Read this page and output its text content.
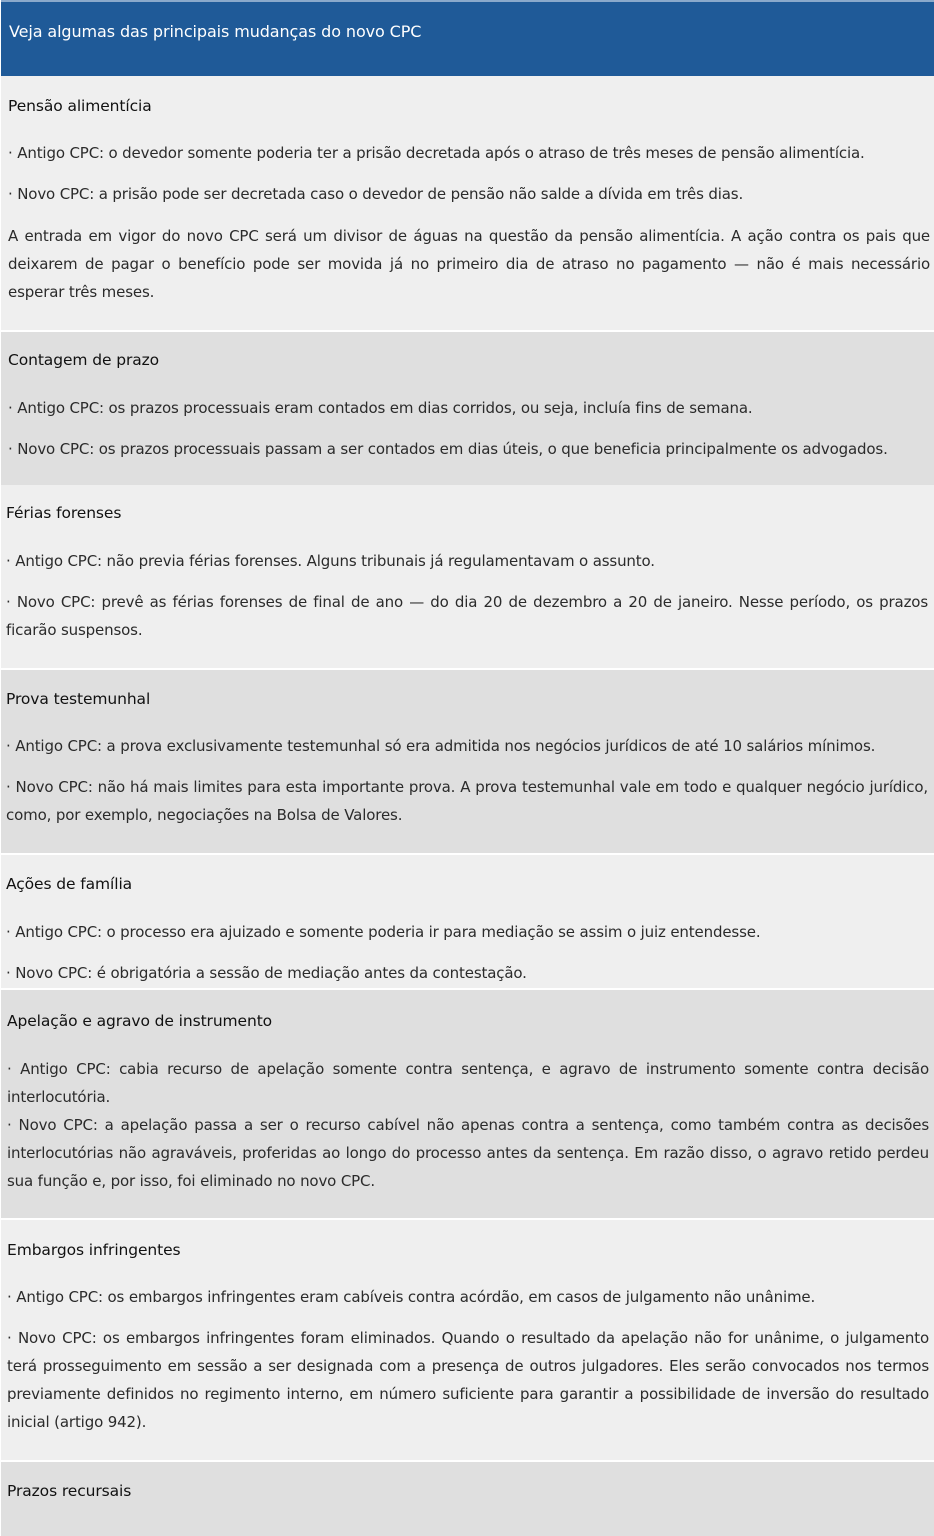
Veja algumas das principais mudanças do novo CPC
Pensão alimentícia
· Antigo CPC: o devedor somente poderia ter a prisão decretada após o atraso de três meses de pensão alimentícia.
· Novo CPC: a prisão pode ser decretada caso o devedor de pensão não salde a dívida em três dias.
A entrada em vigor do novo CPC será um divisor de águas na questão da pensão alimentícia. A ação contra os pais que deixarem de pagar o benefício pode ser movida já no primeiro dia de atraso no pagamento — não é mais necessário esperar três meses.
Contagem de prazo
· Antigo CPC: os prazos processuais eram contados em dias corridos, ou seja, incluía fins de semana.
· Novo CPC: os prazos processuais passam a ser contados em dias úteis, o que beneficia principalmente os advogados.
Férias forenses
· Antigo CPC: não previa férias forenses. Alguns tribunais já regulamentavam o assunto.
· Novo CPC: prevê as férias forenses de final de ano — do dia 20 de dezembro a 20 de janeiro. Nesse período, os prazos ficarão suspensos.
Prova testemunhal
· Antigo CPC: a prova exclusivamente testemunhal só era admitida nos negócios jurídicos de até 10 salários mínimos.
· Novo CPC: não há mais limites para esta importante prova. A prova testemunhal vale em todo e qualquer negócio jurídico, como, por exemplo, negociações na Bolsa de Valores.
Ações de família
· Antigo CPC: o processo era ajuizado e somente poderia ir para mediação se assim o juiz entendesse.
· Novo CPC: é obrigatória a sessão de mediação antes da contestação.
Apelação e agravo de instrumento
· Antigo CPC: cabia recurso de apelação somente contra sentença, e agravo de instrumento somente contra decisão interlocutória.
· Novo CPC: a apelação passa a ser o recurso cabível não apenas contra a sentença, como também contra as decisões interlocutórias não agraváveis, proferidas ao longo do processo antes da sentença. Em razão disso, o agravo retido perdeu sua função e, por isso, foi eliminado no novo CPC.
Embargos infringentes
· Antigo CPC: os embargos infringentes eram cabíveis contra acórdão, em casos de julgamento não unânime.
· Novo CPC: os embargos infringentes foram eliminados. Quando o resultado da apelação não for unânime, o julgamento terá prosseguimento em sessão a ser designada com a presença de outros julgadores. Eles serão convocados nos termos previamente definidos no regimento interno, em número suficiente para garantir a possibilidade de inversão do resultado inicial (artigo 942).
Prazos recursais
